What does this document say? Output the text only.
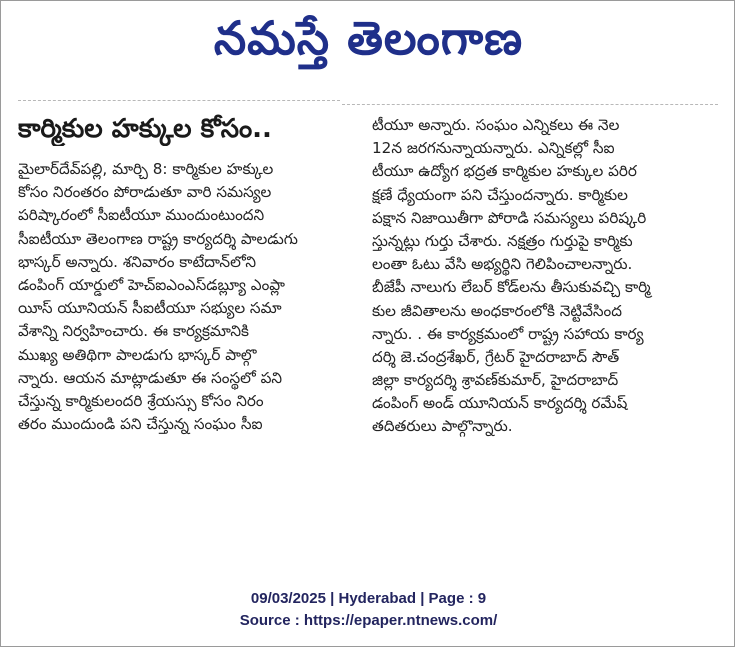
నమస్తే తెలంగాణ
కార్మికుల హక్కుల కోసం..
మైలార్‌దేవ్‌పల్లి, మార్చి 8: కార్మికుల హక్కుల
కోసం నిరంతరం పోరాడుతూ వారి సమస్యల
పరిష్కారంలో సీఐటీయూ ముందుంటుందని
సీఐటీయూ తెలంగాణ రాష్ట్ర కార్యదర్శి పాలడుగు
భాస్కర్ అన్నారు. శనివారం కాటేదాన్‌లోని
డంపింగ్ యార్డులో హెచ్ఐఎంఎస్‌డబ్ల్యూ ఎంప్లా
యీస్ యూనియన్ సీఐటీయూ సభ్యుల సమా
వేశాన్ని నిర్వహించారు. ఈ కార్యక్రమానికి
ముఖ్య అతిథిగా పాలడుగు భాస్కర్ పాల్గొ
న్నారు. ఆయన మాట్లాడుతూ ఈ సంస్థలో పని
చేస్తున్న కార్మికులందరి శ్రేయస్సు కోసం నిరం
తరం ముందుండి పని చేస్తున్న సంఘం సీఐ
టీయూ అన్నారు. సంఘం ఎన్నికలు ఈ నెల
12న జరగనున్నాయన్నారు. ఎన్నికల్లో సీఐ
టీయూ ఉద్యోగ భద్రత కార్మికుల హక్కుల పరిర
క్షణే ధ్యేయంగా పని చేస్తుందన్నారు. కార్మికుల
పక్షాన నిజాయితీగా పోరాడి సమస్యలు పరిష్కరి
స్తున్నట్లు గుర్తు చేశారు. నక్షత్రం గుర్తుపై కార్మికు
లంతా ఓటు వేసి అభ్యర్థిని గెలిపించాలన్నారు.
బీజేపీ నాలుగు లేబర్ కోడ్‌లను తీసుకువచ్చి కార్మి
కుల జీవితాలను అంధకారంలోకి నెట్టివేసింద
న్నారు. . ఈ కార్యక్రమంలో రాష్ట్ర సహాయ కార్య
దర్శి జె.చంద్రశేఖర్, గ్రేటర్ హైదరాబాద్ సౌత్
జిల్లా కార్యదర్శి శ్రావణ్‌కుమార్, హైదరాబాద్
డంపింగ్ అండ్ యూనియన్ కార్యదర్శి రమేష్
తదితరులు పాల్గొన్నారు.
09/03/2025 | Hyderabad | Page : 9
Source : https://epaper.ntnews.com/
